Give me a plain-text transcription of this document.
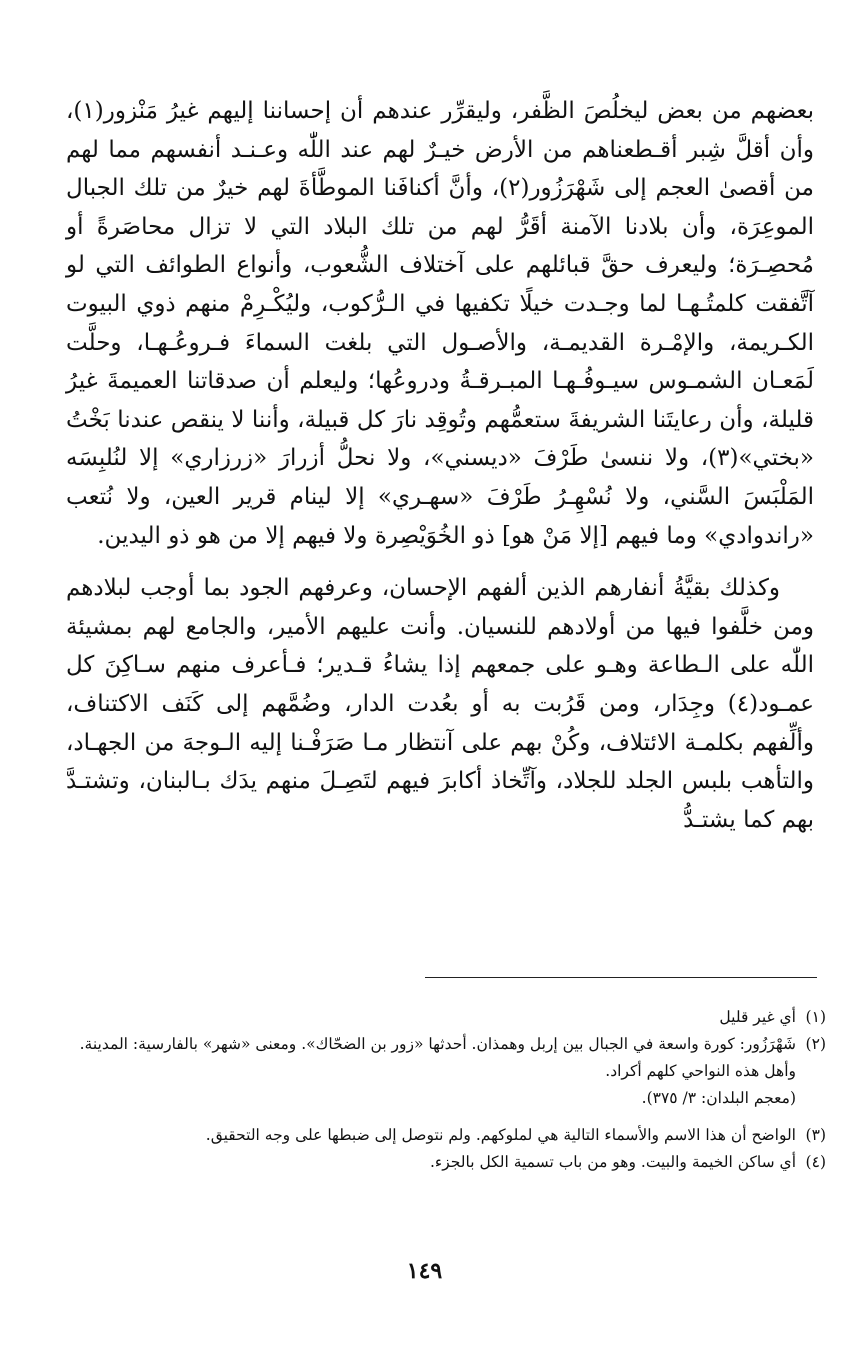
بعضهم من بعض ليخلُصَ الظَّفر، وليقرِّر عندهم أن إحساننا إليهم غيرُ مَنْزور(١)، وأن أقلَّ شِبر أقـطعناهم من الأرض خيـرٌ لهم عند اللّٰه وعـنـد أنفسهم مما لهم من أقصىٰ العجم إلى شَهْرَزُور(٢)، وأنَّ أكنافَنا الموطَّأةَ لهم خيرٌ من تلك الجبال الموعِرَة، وأن بلادنا الآمنة أقَرُّ لهم من تلك البلاد التي لا تزال محاصَرةً أو مُحصِـرَة؛ وليعرف حقَّ قبائلهم على آختلاف الشُّعوب، وأنواع الطوائف التي لو آتَّفقت كلمتُـهـا لما وجـدت خيلًا تكفيها في الـرُّكوب، وليُكْـرِمْ منهم ذوي البيوت الكـريمة، والإمْـرة القديمـة، والأصـول التي بلغت السماءَ فـروعُـهـا، وحلَّت لَمَعـان الشمـوس سيـوفُـهـا المبـرقـةُ ودروعُها؛ وليعلم أن صدقاتنا العميمةَ غيرُ قليلة، وأن رعايتَنا الشريفةَ ستعمُّهم وتُوقِد نارَ كل قبيلة، وأننا لا ينقص عندنا بَخْتُ «بختي»(٣)، ولا ننسىٰ طَرْفَ «ديسني»، ولا نحلُّ أزرارَ «زرزاري» إلا لنُلبِسَه المَلْبَسَ السَّني، ولا نُسْهِـرُ طَرْفَ «سهـري» إلا لينام قرير العين، ولا نُتعب «راندوادي» وما فيهم [إلا مَنْ هو] ذو الخُوَيْصِرة ولا فيهم إلا من هو ذو اليدين.

وكذلك بقيَّةُ أنفارهم الذين ألفهم الإحسان، وعرفهم الجود بما أوجب لبلادهم ومن خلَّفوا فيها من أولادهم للنسيان. وأنت عليهم الأمير، والجامع لهم بمشيئة اللّٰه على الـطاعة وهـو على جمعهم إذا يشاءُ قـدير؛ فـأعرف منهم سـاكِنَ كل عمـود(٤) وجِدَار، ومن قَرُبت به أو بعُدت الدار، وضُمَّهم إلى كَنَف الاكتناف، وألِّفهم بكلمـة الائتلاف، وكُنْ بهم على آنتظار مـا صَرَفْـنا إليه الـوجهَ من الجهـاد، والتأهب بلبس الجلد للجلاد، وآتِّخاذ أكابرَ فيهم لتَصِـلَ منهم يدَك بـالبنان، وتشتـدَّ بهم كما يشتـدُّ

(١)
أي غير قليل
(٢)
شَهْرَزُور: كورة واسعة في الجبال بين إربل وهمذان. أحدثها «زور بن الضحّاك». ومعنى «شهر» بالفارسية: المدينة. وأهل هذه النواحي كلهم أكراد.
(معجم البلدان: ٣/ ٣٧٥).
(٣)
الواضح أن هذا الاسم والأسماء التالية هي لملوكهم. ولم نتوصل إلى ضبطها على وجه التحقيق.
(٤)
أي ساكن الخيمة والبيت. وهو من باب تسمية الكل بالجزء.
١٤٩
